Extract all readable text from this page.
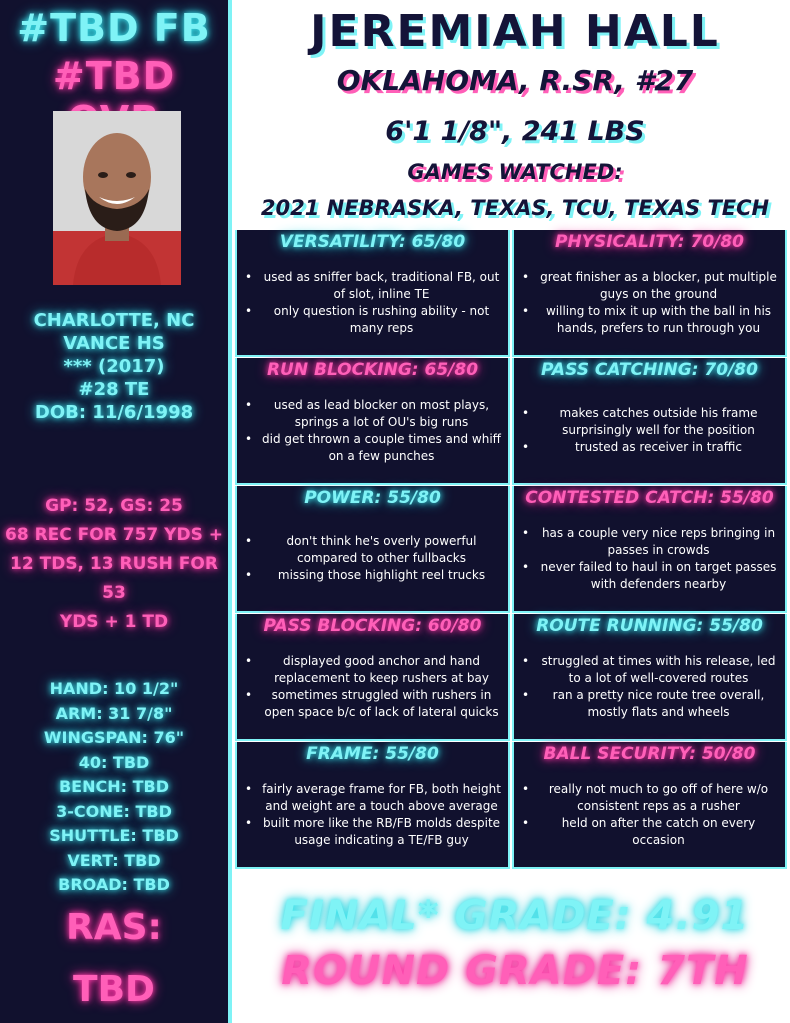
#TBD FB
#TBD
CHARLOTTE, NC
VANCE HS
*** (2017)
#28 TE
DOB: 11/6/1998
GP: 52, GS: 25
68 REC FOR 757 YDS +
12 TDS, 13 RUSH FOR 53
YDS + 1 TD
HAND: 10 1/2"
ARM: 31 7/8"
WINGSPAN: 76"
40: TBD
BENCH: TBD
3-CONE: TBD
SHUTTLE: TBD
VERT: TBD
BROAD: TBD
RAS:
TBD
JEREMIAH HALL
OKLAHOMA, R.SR, #27
6'1 1/8", 241 LBS
GAMES WATCHED:
2021 NEBRASKA, TEXAS, TCU, TEXAS TECH
VERSATILITY: 65/80
• used as sniffer back, traditional FB, out of slot, inline TE
• only question is rushing ability - not many reps
PHYSICALITY: 70/80
• great finisher as a blocker, put multiple guys on the ground
• willing to mix it up with the ball in his hands, prefers to run through you
RUN BLOCKING: 65/80
• used as lead blocker on most plays, springs a lot of OU's big runs
• did get thrown a couple times and whiff on a few punches
PASS CATCHING: 70/80
• makes catches outside his frame surprisingly well for the position
• trusted as receiver in traffic
POWER: 55/80
• don't think he's overly powerful compared to other fullbacks
• missing those highlight reel trucks
CONTESTED CATCH: 55/80
• has a couple very nice reps bringing in passes in crowds
• never failed to haul in on target passes with defenders nearby
PASS BLOCKING: 60/80
• displayed good anchor and hand replacement to keep rushers at bay
• sometimes struggled with rushers in open space b/c of lack of lateral quicks
ROUTE RUNNING: 55/80
• struggled at times with his release, led to a lot of well-covered routes
• ran a pretty nice route tree overall, mostly flats and wheels
FRAME: 55/80
• fairly average frame for FB, both height and weight are a touch above average
• built more like the RB/FB molds despite usage indicating a TE/FB guy
BALL SECURITY: 50/80
• really not much to go off of here w/o consistent reps as a rusher
• held on after the catch on every occasion
FINAL* GRADE: 4.91
ROUND GRADE: 7TH
